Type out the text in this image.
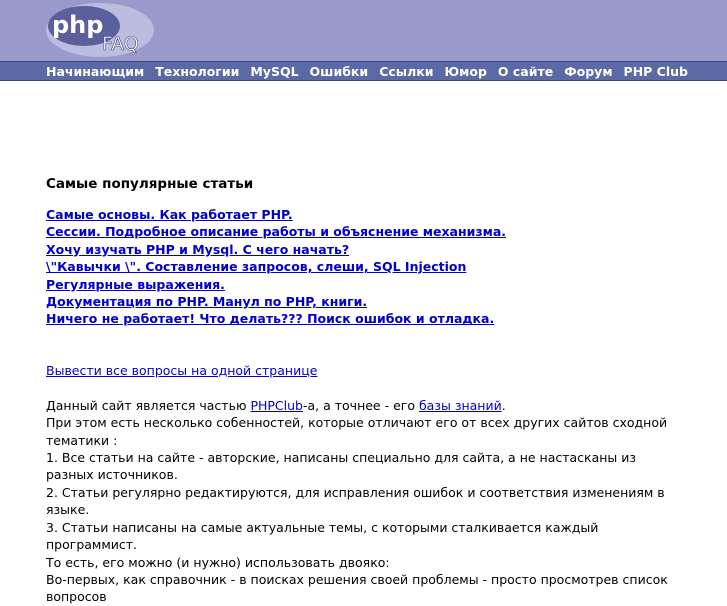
php
FAQ
Начинающим Технологии MySQL Ошибки Ссылки Юмор О сайте Форум PHP Club
Самые популярные статьи
Самые основы. Как работает PHP.
Сессии. Подробное описание работы и объяснение механизма.
Хочу изучать PHP и Mysql. С чего начать?
\"Кавычки \". Составление запросов, слеши, SQL Injection
Регулярные выражения.
Документация по PHP. Манул по PHP, книги.
Ничего не работает! Что делать??? Поиск ошибок и отладка.
Вывести все вопросы на одной странице

Данный сайт является частью PHPClub-а, а точнее - его базы знаний.

При этом есть несколько собенностей, которые отличают его от всех других сайтов сходной тематики :

1. Все статьи на сайте - авторские, написаны специально для сайта, а не настасканы из разных источников.

2. Статьи регулярно редактируются, для исправления ошибок и соответствия изменениям в языке.

3. Статьи написаны на самые актуальные темы, с которыми сталкивается каждый программист.

То есть, его можно (и нужно) использовать двояко:

Во-первых, как справочник - в поисках решения своей проблемы - просто просмотрев список вопросов
